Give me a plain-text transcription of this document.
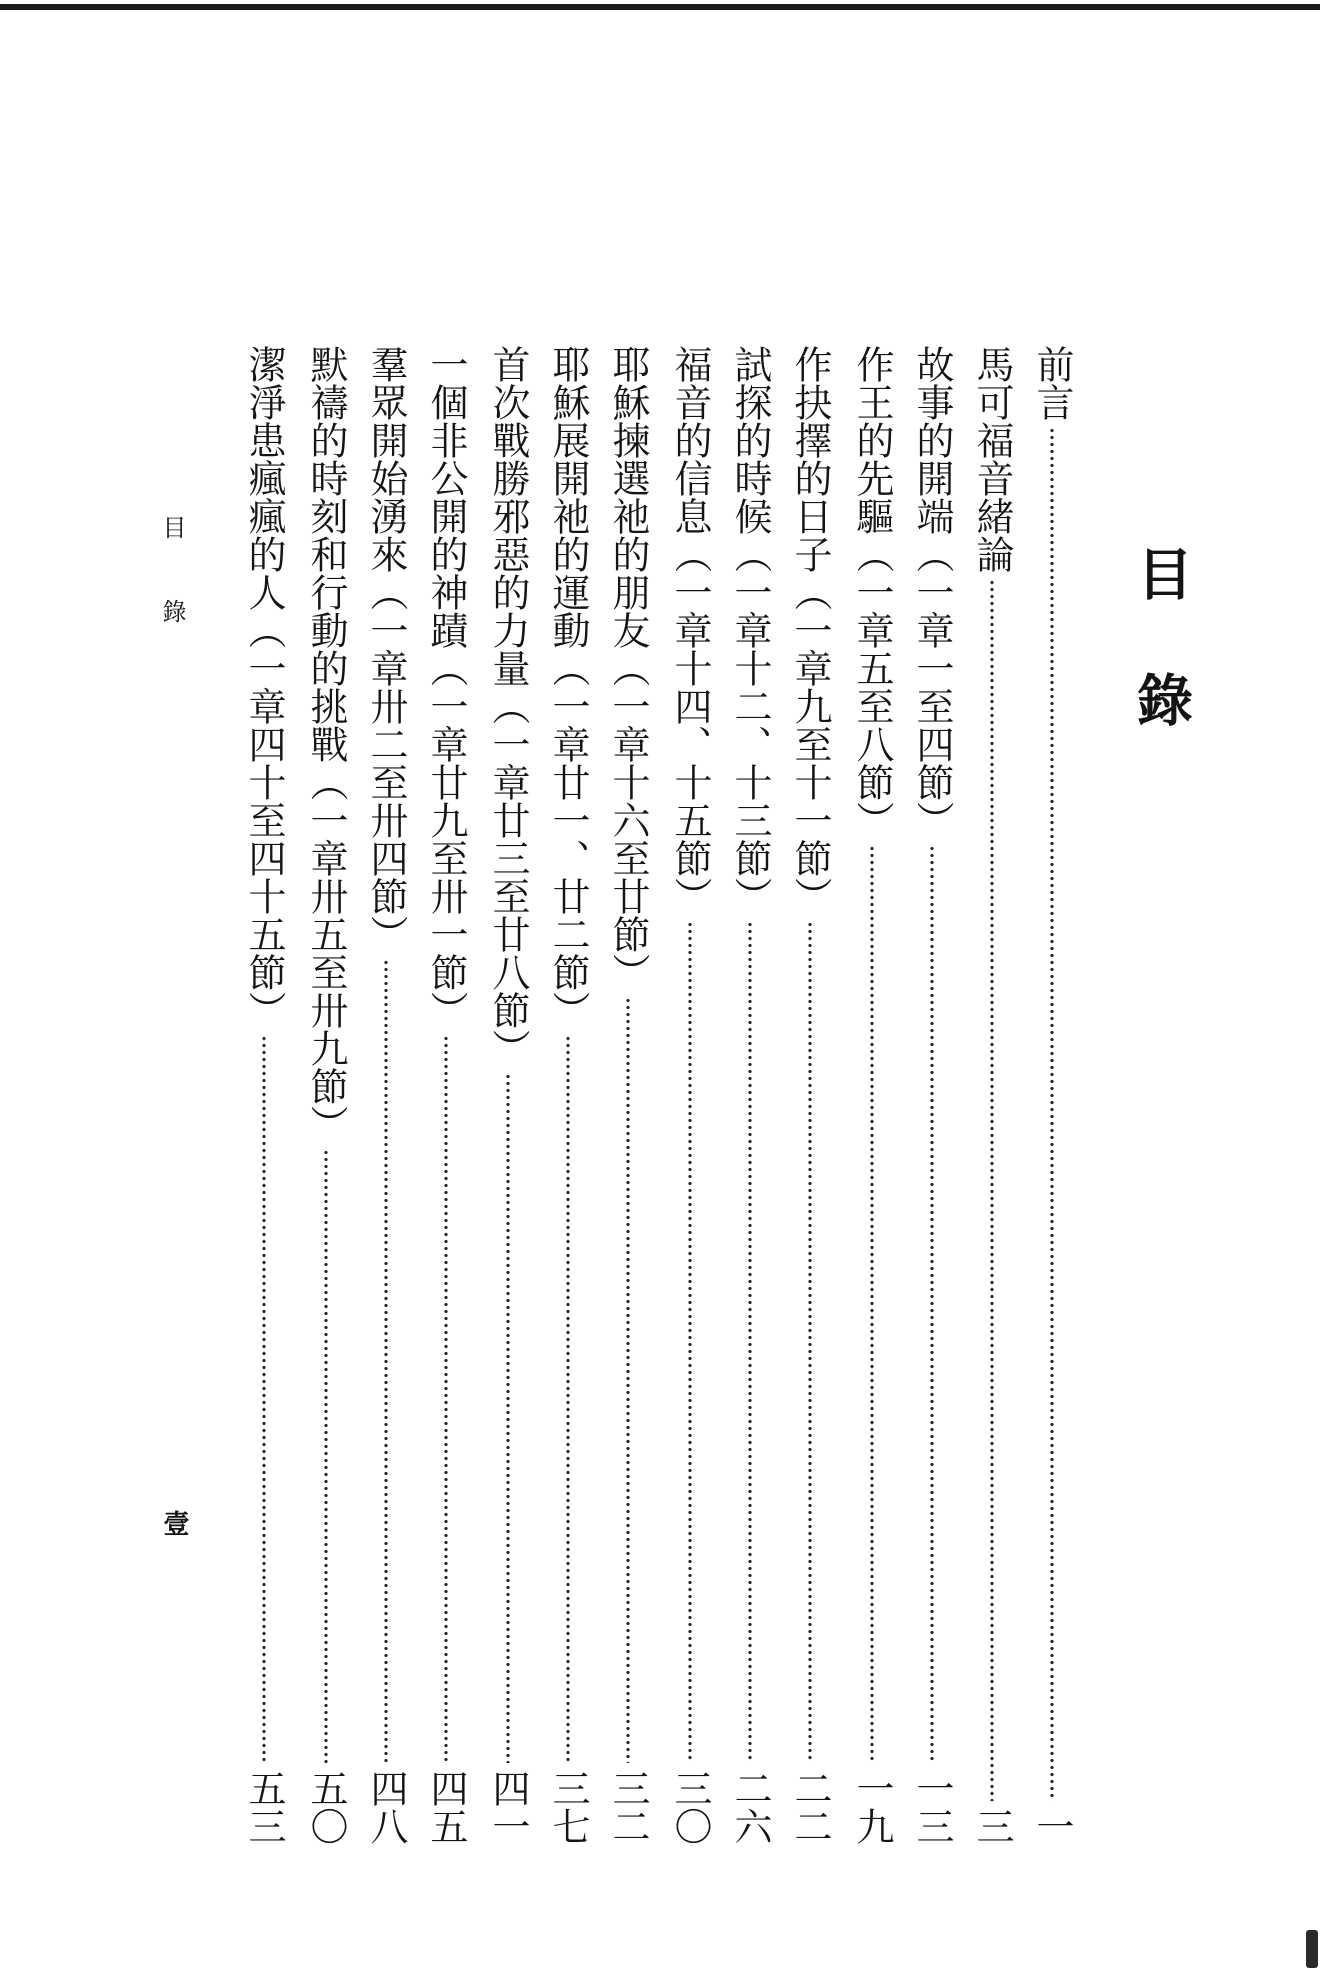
目錄
前言
一
馬可福音緒論
三
故事的開端（一章一至四節）
一三
作王的先驅（一章五至八節）
一九
作抉擇的日子（一章九至十一節）
二二
試探的時候（一章十二、十三節）
二六
福音的信息（一章十四、十五節）
三〇
耶穌揀選祂的朋友（一章十六至廿節）
三二
耶穌展開祂的運動（一章廿一、廿二節）
三七
首次戰勝邪惡的力量（一章廿三至廿八節）
四一
一個非公開的神蹟（一章廿九至卅一節）
四五
羣眾開始湧來（一章卅二至卅四節）
四八
默禱的時刻和行動的挑戰（一章卅五至卅九節）
五〇
潔淨患瘋瘋的人（一章四十至四十五節）
五三
目錄
壹
